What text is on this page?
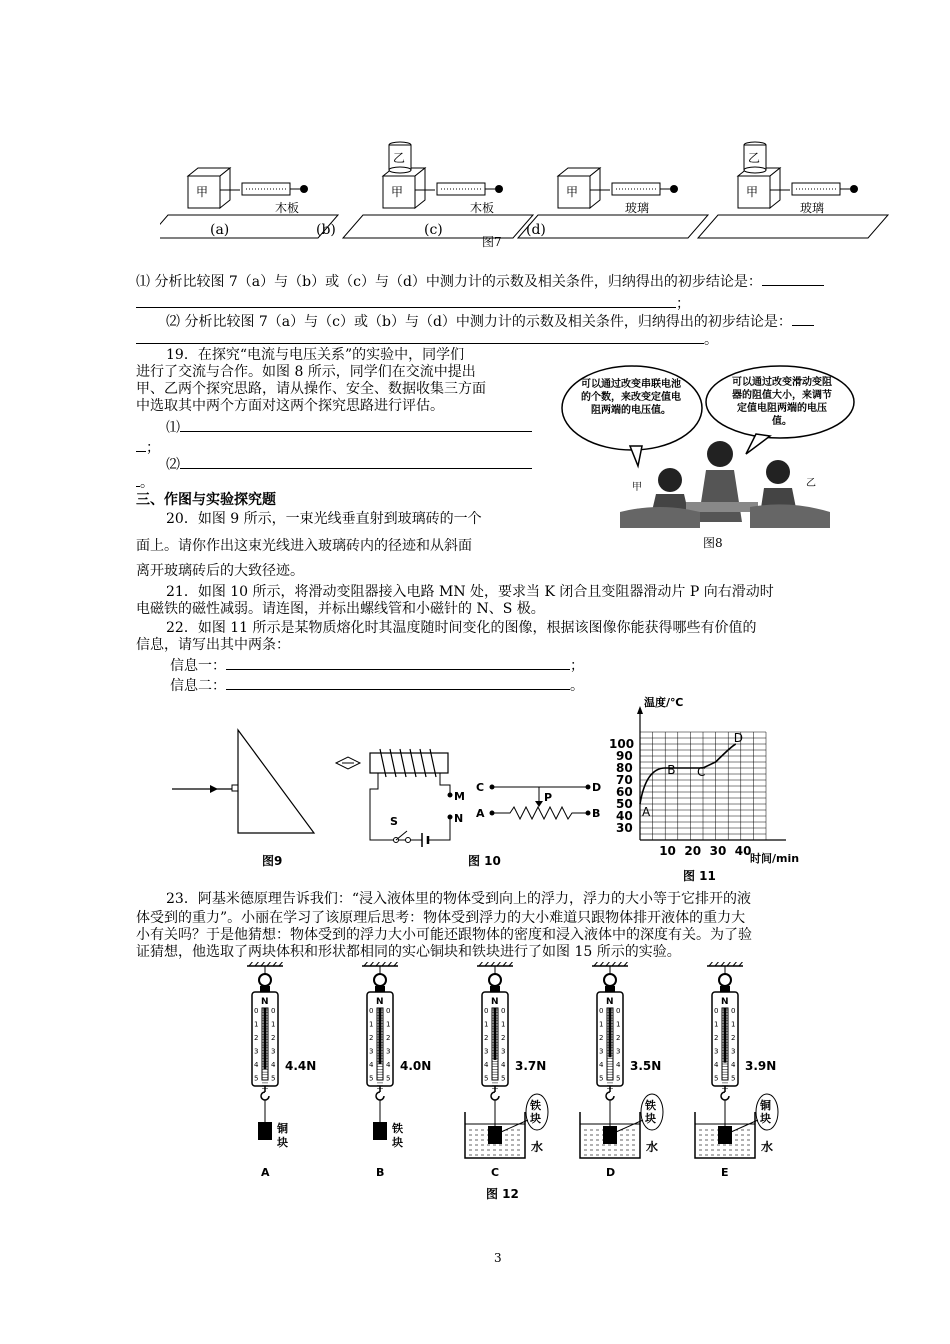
甲
木板
乙
甲
木板
甲
玻璃
乙
甲
玻璃
(a)	(b)	(c)	(d)
图7
⑴ 分析比较图 7（a）与（b）或（c）与（d）中测力计的示数及相关条件，归纳得出的初步结论是：
；
⑵ 分析比较图 7（a）与（c）或（b）与（d）中测力计的示数及相关条件，归纳得出的初步结论是：
。
19．在探究“电流与电压关系”的实验中，同学们
进行了交流与合作。如图 8 所示，同学们在交流中提出
甲、乙两个探究思路，请从操作、安全、数据收集三方面
中选取其中两个方面对这两个探究思路进行评估。
⑴
；
⑵
。	甲	乙
可以通过改变串联电池的个数，来改变定值电阻两端的电压值。
可以通过改变滑动变阻器的阻值大小，来调节定值电阻两端的电压值。
图8
三、作图与实验探究题
20．如图 9 所示，一束光线垂直射到玻璃砖的一个
面上。请你作出这束光线进入玻璃砖内的径迹和从斜面
离开玻璃砖后的大致径迹。
21．如图 10 所示，将滑动变阻器接入电路 MN 处，要求当 K 闭合且变阻器滑动片 P 向右滑动时
电磁铁的磁性减弱。请连图，并标出螺线管和小磁针的 N、S 极。
22．如图 11 所示是某物质熔化时其温度随时间变化的图像，根据该图像你能获得哪些有价值的
信息，请写出其中两条：
信息一：	；
信息二：	。
图9
M
N
S
C	D
P
A	B
图 10
10 20 30 40
30
40
50
60
70
80
90
100
A
B C
D
温度/℃
时间/min
图 11
23．阿基米德原理告诉我们：“浸入液体里的物体受到向上的浮力，浮力的大小等于它排开的液
体受到的重力”。小丽在学习了该原理后思考：物体受到浮力的大小难道只跟物体排开液体的重力大
小有关吗？于是他猜想：物体受到的浮力大小可能还跟物体的密度和浸入液体中的深度有关。为了验
证猜想，他选取了两块体积和形状都相同的实心铜块和铁块进行了如图 15 所示的实验。
N
0 0
1 1
2 2
3 3
4 4
5 5
4.4N
铜
块
A
N
0 0
1 1
2 2
3 3
4 4
5 5
4.0N
铁
块
B
N
0 0
1 1
2 2
3 3
4 4
5 5
3.7N
铁
块
水
C
N
0 0
1 1
2 2
3 3
4 4
5 5
3.5N
铁
块
水
D
N
0 0
1 1
2 2
3 3
4 4
5 5
3.9N
铜
块
水
E
图 12
3
